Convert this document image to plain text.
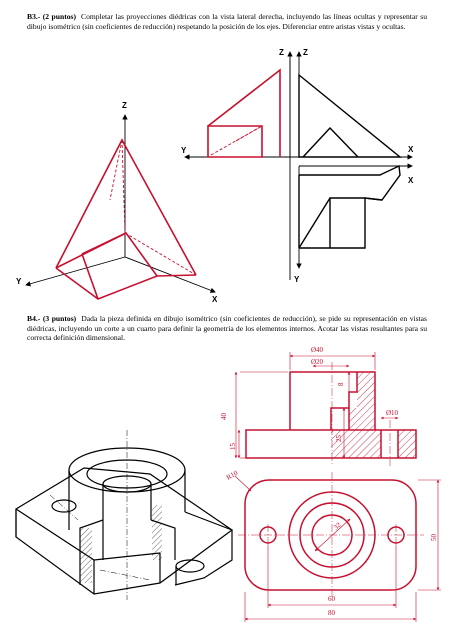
B3.- (2 puntos) Completar las proyecciones diédricas con la vista lateral derecha, incluyendo las líneas ocultas y representar su dibujo isométrico (sin coeficientes de reducción) respetando la posición de los ejes. Diferenciar entre aristas vistas y ocultas.

B4.- (3 puntos) Dada la pieza definida en dibujo isométrico (sin coeficientes de reducción), se pide su representación en vistas diédricas, incluyendo un corte a un cuarto para definir la geometría de los elementos internos. Acotar las vistas resultantes para su correcta definición dimensional.

Z
Y
X
Z Z
Y	X
X
Y
Ø40
Ø20
8
40
15
25
Ø10
R10
32
60
80
50
